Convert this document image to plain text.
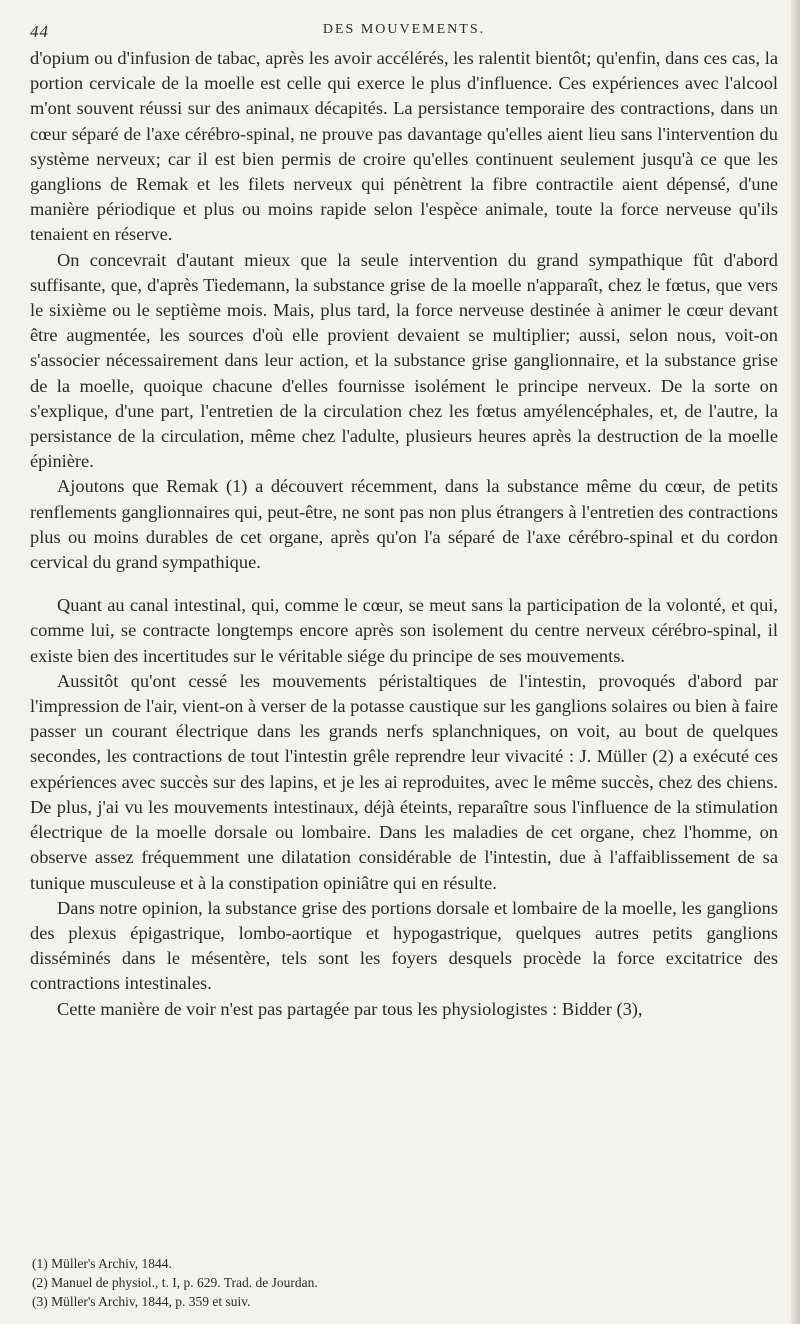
44	DES MOUVEMENTS.

d'opium ou d'infusion de tabac, après les avoir accélérés, les ralentit bientôt; qu'enfin, dans ces cas, la portion cervicale de la moelle est celle qui exerce le plus d'influence. Ces expériences avec l'alcool m'ont souvent réussi sur des animaux décapités. La persistance temporaire des contractions, dans un cœur séparé de l'axe cérébro-spinal, ne prouve pas davantage qu'elles aient lieu sans l'intervention du système nerveux; car il est bien permis de croire qu'elles continuent seulement jusqu'à ce que les ganglions de Remak et les filets nerveux qui pénètrent la fibre contractile aient dépensé, d'une manière périodique et plus ou moins rapide selon l'espèce animale, toute la force nerveuse qu'ils tenaient en réserve.

On concevrait d'autant mieux que la seule intervention du grand sympathique fût d'abord suffisante, que, d'après Tiedemann, la substance grise de la moelle n'apparaît, chez le fœtus, que vers le sixième ou le septième mois. Mais, plus tard, la force nerveuse destinée à animer le cœur devant être augmentée, les sources d'où elle provient devaient se multiplier; aussi, selon nous, voit-on s'associer nécessairement dans leur action, et la substance grise ganglionnaire, et la substance grise de la moelle, quoique chacune d'elles fournisse isolément le principe nerveux. De la sorte on s'explique, d'une part, l'entretien de la circulation chez les fœtus amyélencéphales, et, de l'autre, la persistance de la circulation, même chez l'adulte, plusieurs heures après la destruction de la moelle épinière.

Ajoutons que Remak (1) a découvert récemment, dans la substance même du cœur, de petits renflements ganglionnaires qui, peut-être, ne sont pas non plus étrangers à l'entretien des contractions plus ou moins durables de cet organe, après qu'on l'a séparé de l'axe cérébro-spinal et du cordon cervical du grand sympathique.

Quant au canal intestinal, qui, comme le cœur, se meut sans la participation de la volonté, et qui, comme lui, se contracte longtemps encore après son isolement du centre nerveux cérébro-spinal, il existe bien des incertitudes sur le véritable siége du principe de ses mouvements.

Aussitôt qu'ont cessé les mouvements péristaltiques de l'intestin, provoqués d'abord par l'impression de l'air, vient-on à verser de la potasse caustique sur les ganglions solaires ou bien à faire passer un courant électrique dans les grands nerfs splanchniques, on voit, au bout de quelques secondes, les contractions de tout l'intestin grêle reprendre leur vivacité : J. Müller (2) a exécuté ces expériences avec succès sur des lapins, et je les ai reproduites, avec le même succès, chez des chiens. De plus, j'ai vu les mouvements intestinaux, déjà éteints, reparaître sous l'influence de la stimulation électrique de la moelle dorsale ou lombaire. Dans les maladies de cet organe, chez l'homme, on observe assez fréquemment une dilatation considérable de l'intestin, due à l'affaiblissement de sa tunique musculeuse et à la constipation opiniâtre qui en résulte.

Dans notre opinion, la substance grise des portions dorsale et lombaire de la moelle, les ganglions des plexus épigastrique, lombo-aortique et hypogastrique, quelques autres petits ganglions disséminés dans le mésentère, tels sont les foyers desquels procède la force excitatrice des contractions intestinales.

Cette manière de voir n'est pas partagée par tous les physiologistes : Bidder (3),

(1) Müller's Archiv, 1844.

(2) Manuel de physiol., t. I, p. 629. Trad. de Jourdan.

(3) Müller's Archiv, 1844, p. 359 et suiv.
